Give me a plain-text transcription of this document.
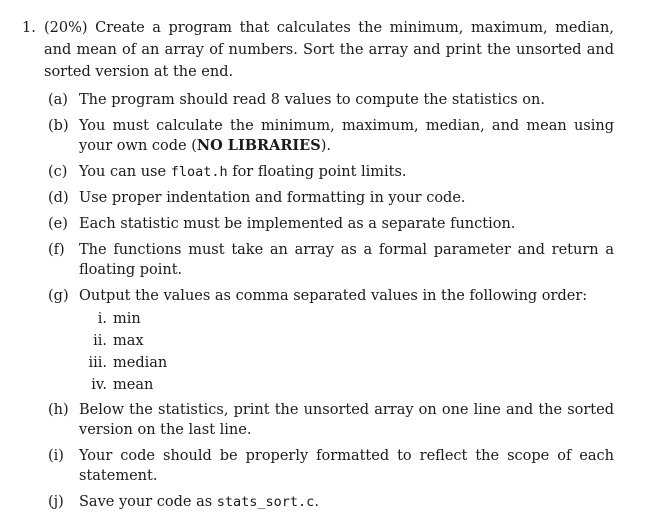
1. (20%) Create a program that calculates the minimum, maximum, median, and mean of an array of numbers. Sort the array and print the unsorted and sorted version at the end.
(a) The program should read 8 values to compute the statistics on.
(b) You must calculate the minimum, maximum, median, and mean using your own code (NO LIBRARIES).
(c) You can use float.h for floating point limits.
(d) Use proper indentation and formatting in your code.
(e) Each statistic must be implemented as a separate function.
(f) The functions must take an array as a formal parameter and return a floating point.
(g) Output the values as comma separated values in the following order:
i. min
ii. max
iii. median
iv. mean
(h) Below the statistics, print the unsorted array on one line and the sorted version on the last line.
(i) Your code should be properly formatted to reflect the scope of each statement.
(j) Save your code as stats_sort.c.
